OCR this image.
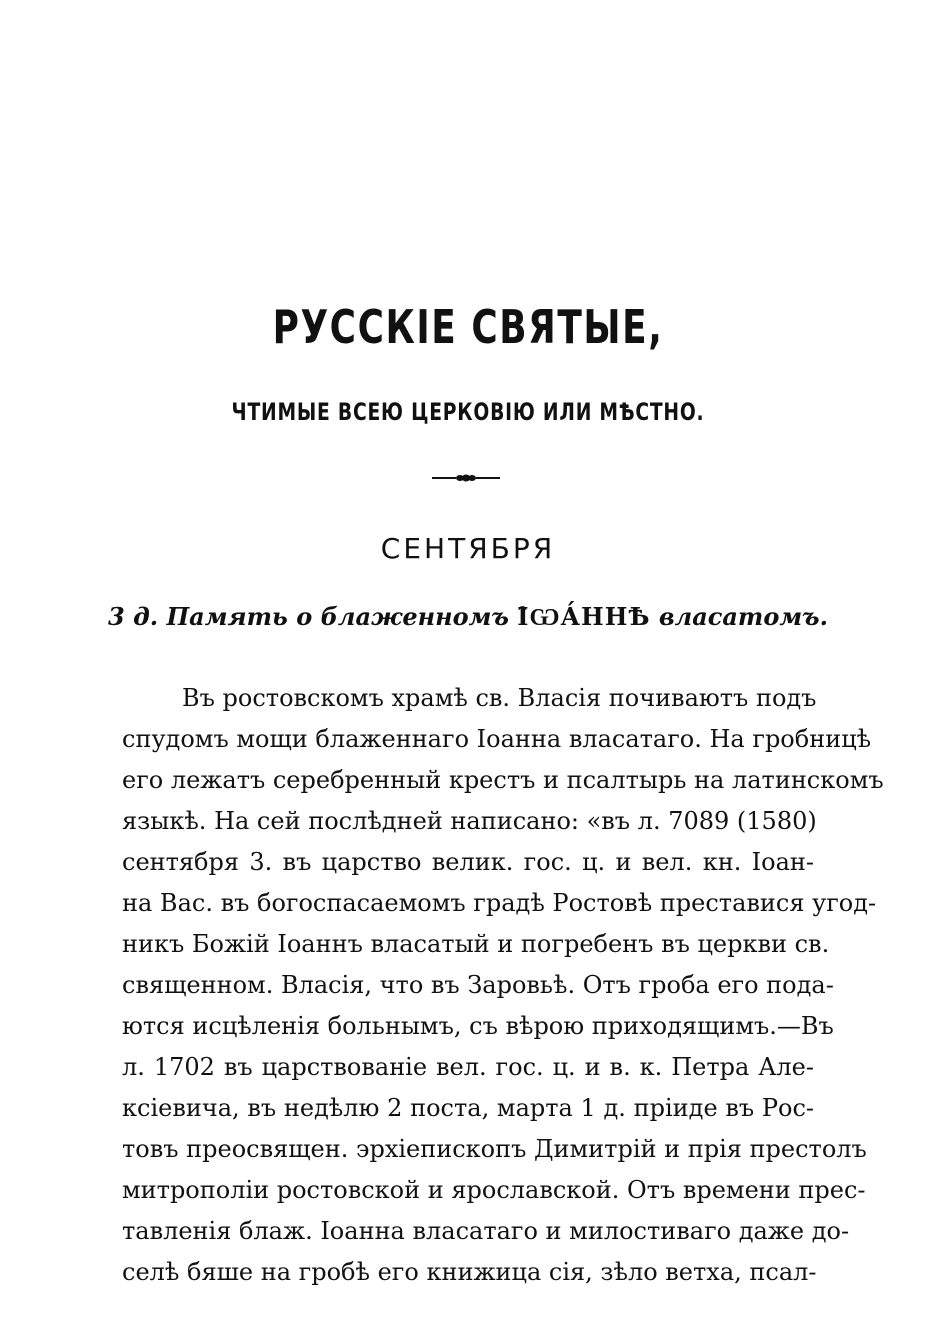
РУССКІЕ СВЯТЫЕ,
ЧТИМЫЕ ВСЕЮ ЦЕРКОВІЮ ИЛИ МѢСТНО.
СЕНТЯБРЯ
3 д. Память о блаженномъ Ι̑ѠА́ННѢ власатомъ.
Въ ростовскомъ храмѣ св. Власія почиваютъ подъ
спудомъ мощи блаженнаго Іоанна власатаго. На гробницѣ
его лежатъ серебренный крестъ и псалтырь на латинскомъ
языкѣ. На сей послѣдней написано: «въ л. 7089 (1580)
сентября 3. въ царство велик. гос. ц. и вел. кн. Іоан-
на Вас. въ богоспасаемомъ градѣ Ростовѣ преставися угод-
никъ Божій Іоаннъ власатый и погребенъ въ церкви св.
священном. Власія, что въ Заровьѣ. Отъ гроба его пода-
ются исцѣленія больнымъ, съ вѣрою приходящимъ.—Въ
л. 1702 въ царствованіе вел. гос. ц. и в. к. Петра Але-
ксіевича, въ недѣлю 2 поста, марта 1 д. пріиде въ Рос-
товъ преосвящен. эрхіепископъ Димитрій и прія престолъ
митрополіи ростовской и ярославской. Отъ времени прес-
тавленія блаж. Іоанна власатаго и милостиваго даже до-
селѣ бяше на гробѣ его книжица сія, зѣло ветха, псал-
